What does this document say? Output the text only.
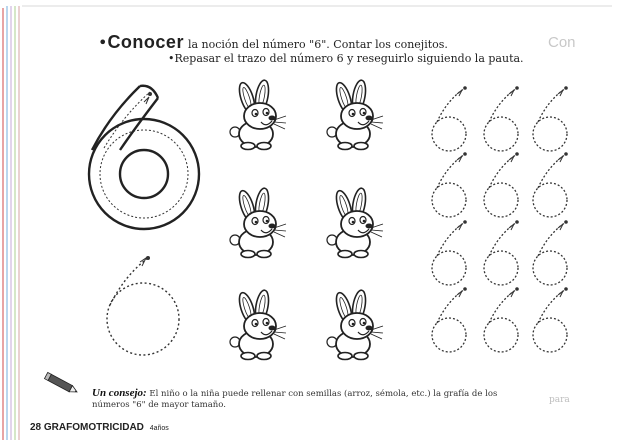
•Conocer la noción del número "6". Contar los conejitos.
•Repasar el trazo del número 6 y reseguirlo siguiendo la pauta.
Con
Un consejo: El niño o la niña puede rellenar con semillas (arroz, sémola, etc.) la grafía de los números "6" de mayor tamaño.	para
28 GRAFOMOTRICIDAD 4años
